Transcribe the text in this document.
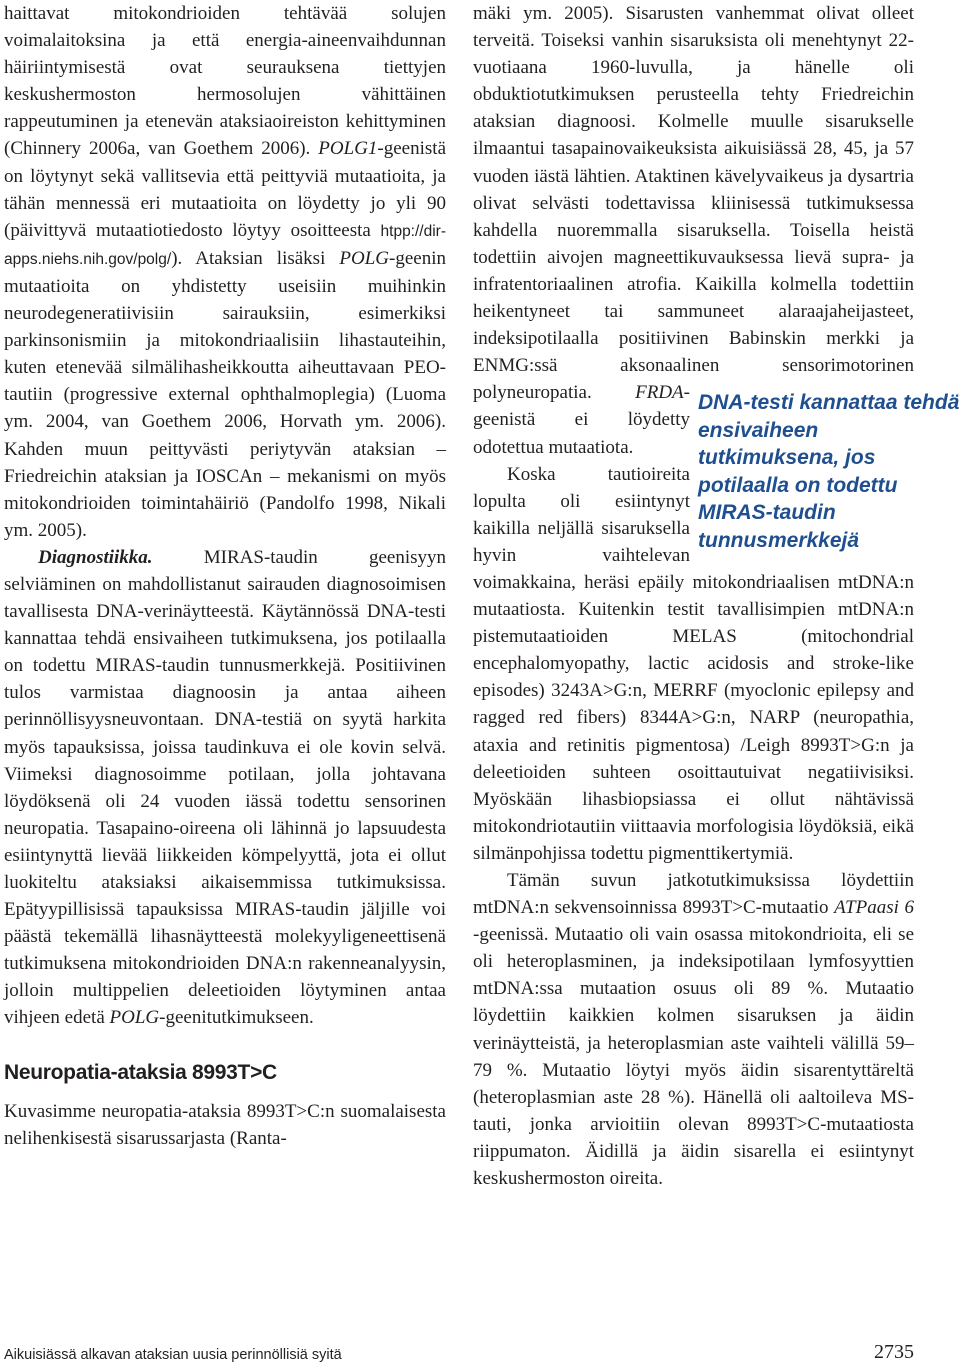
haittavat mitokondrioiden tehtävää solujen voimalaitoksina ja että energia-aineenvaihdunnan häiriintymisestä ovat seurauksena tiettyjen keskushermoston hermosolujen vähittäinen rappeutuminen ja etenevän ataksiaoireiston kehittyminen (Chinnery 2006a, van Goethem 2006). POLG1-geenistä on löytynyt sekä vallitsevia että peittyviä mutaatioita, ja tähän mennessä eri mutaatioita on löydetty jo yli 90 (päivittyvä mutaatiotiedosto löytyy osoitteesta htpp://dir-apps.niehs.nih.gov/polg/). Ataksian lisäksi POLG-geenin mutaatioita on yhdistetty useisiin muihinkin neurodegeneratiivisiin sairauksiin, esimerkiksi parkinsonismiin ja mitokondriaalisiin lihastauteihin, kuten etenevää silmälihasheikkoutta aiheuttavaan PEO-tautiin (progressive external ophthalmoplegia) (Luoma ym. 2004, van Goethem 2006, Horvath ym. 2006). Kahden muun peittyvästi periytyvän ataksian – Friedreichin ataksian ja IOSCAn – mekanismi on myös mitokondrioiden toimintahäiriö (Pandolfo 1998, Nikali ym. 2005).

Diagnostiikka. MIRAS-taudin geenisyyn selviäminen on mahdollistanut sairauden diagnosoimisen tavallisesta DNA-verinäytteestä. Käytännössä DNA-testi kannattaa tehdä ensivaiheen tutkimuksena, jos potilaalla on todettu MIRAS-taudin tunnusmerkkejä. Positiivinen tulos varmistaa diagnoosin ja antaa aiheen perinnöllisyysneuvontaan. DNA-testiä on syytä harkita myös tapauksissa, joissa taudinkuva ei ole kovin selvä. Viimeksi diagnosoimme potilaan, jolla johtavana löydöksenä oli 24 vuoden iässä todettu sensorinen neuropatia. Tasapaino-oireena oli lähinnä jo lapsuudesta esiintynyttä lievää liikkeiden kömpelyyttä, jota ei ollut luokiteltu ataksiaksi aikaisemmissa tutkimuksissa. Epätyypillisissä tapauksissa MIRAS-taudin jäljille voi päästä tekemällä lihasnäytteestä molekyyligeneettisenä tutkimuksena mitokondrioiden DNA:n rakenneanalyysin, jolloin multippelien deleetioiden löytyminen antaa vihjeen edetä POLG-geenitutkimukseen.

Neuropatia-ataksia 8993T>C

Kuvasimme neuropatia-ataksia 8993T>C:n suomalaisesta nelihenkisestä sisarussarjasta (Ranta-

mäki ym. 2005). Sisarusten vanhemmat olivat olleet terveitä. Toiseksi vanhin sisaruksista oli menehtynyt 22-vuotiaana 1960-luvulla, ja hänelle oli obduktiotutkimuksen perusteella tehty Friedreichin ataksian diagnoosi. Kolmelle muulle sisarukselle ilmaantui tasapainovaikeuksista aikuisiässä 28, 45, ja 57 vuoden iästä lähtien. Ataktinen kävelyvaikeus ja dysartria olivat selvästi todettavissa kliinisessä tutkimuksessa kahdella nuoremmalla sisaruksella. Toisella heistä todettiin aivojen magneettikuvauksessa lievä supra- ja infratentoriaalinen atrofia. Kaikilla kolmella todettiin heikentyneet tai sammuneet alaraajaheijasteet, indeksipotilaalla positiivinen Babinskin merkki ja ENMG:ssä aksonaalinen sensorimotorinen polyneuropatia.	DNA-testi kannattaa tehdä ensivaiheen tutkimuksena, jos potilaalla on todettu MIRAS-taudin tunnusmerkkejä
FRDA-geenistä ei löydetty odotettua mutaatiota.

Koska tautioireita lopulta oli esiintynyt kaikilla neljällä sisaruksella hyvin vaihtelevan voimakkaina, heräsi epäily mitokondriaalisen mtDNA:n mutaatiosta. Kuitenkin testit tavallisimpien mtDNA:n pistemutaatioiden MELAS (mitochondrial encephalomyopathy, lactic acidosis and stroke-like episodes) 3243A>G:n, MERRF (myoclonic epilepsy and ragged red fibers) 8344A>G:n, NARP (neuropathia, ataxia and retinitis pigmentosa) /Leigh 8993T>G:n ja deleetioiden suhteen osoittautuivat negatiivisiksi. Myöskään lihasbiopsiassa ei ollut nähtävissä mitokondriotautiin viittaavia morfologisia löydöksiä, eikä silmänpohjissa todettu pigmenttikertymiä.

Tämän suvun jatkotutkimuksissa löydettiin mtDNA:n sekvensoinnissa 8993T>C-mutaatio ATPaasi 6 -geenissä. Mutaatio oli vain osassa mitokondrioita, eli se oli heteroplasminen, ja indeksipotilaan lymfosyyttien mtDNA:ssa mutaation osuus oli 89 %. Mutaatio löydettiin kaikkien kolmen sisaruksen ja äidin verinäytteistä, ja heteroplasmian aste vaihteli välillä 59–79 %. Mutaatio löytyi myös äidin sisarentyttäreltä (heteroplasmian aste 28 %). Hänellä oli aaltoileva MS-tauti, jonka arvioitiin olevan 8993T>C-mutaatiosta riippumaton. Äidillä ja äidin sisarella ei esiintynyt keskushermoston oireita.

Aikuisiässä alkavan ataksian uusia perinnöllisiä syitä	2735
